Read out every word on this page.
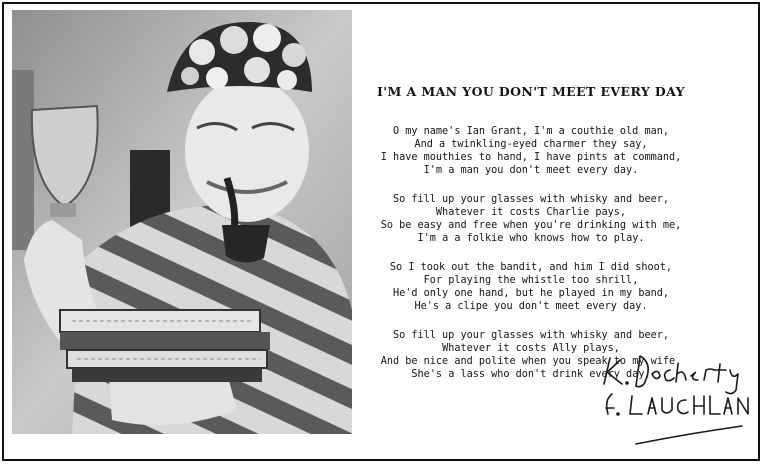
I'M A MAN YOU DON'T MEET EVERY DAY
O my name's Ian Grant, I'm a couthie old man,
And a twinkling-eyed charmer they say,
I have mouthies to hand, I have pints at command,
I'm a man you don't meet every day.
So fill up your glasses with whisky and beer,
Whatever it costs Charlie pays,
So be easy and free when you're drinking with me,
I'm a a folkie who knows how to play.
So I took out the bandit, and him I did shoot,
For playing the whistle too shrill,
He'd only one hand, but he played in my band,
He's a clipe you don't meet every day.
So fill up your glasses with whisky and beer,
Whatever it costs Ally plays,
And be nice and polite when you speak to my wife,
She's a lass who don't drink every day.
